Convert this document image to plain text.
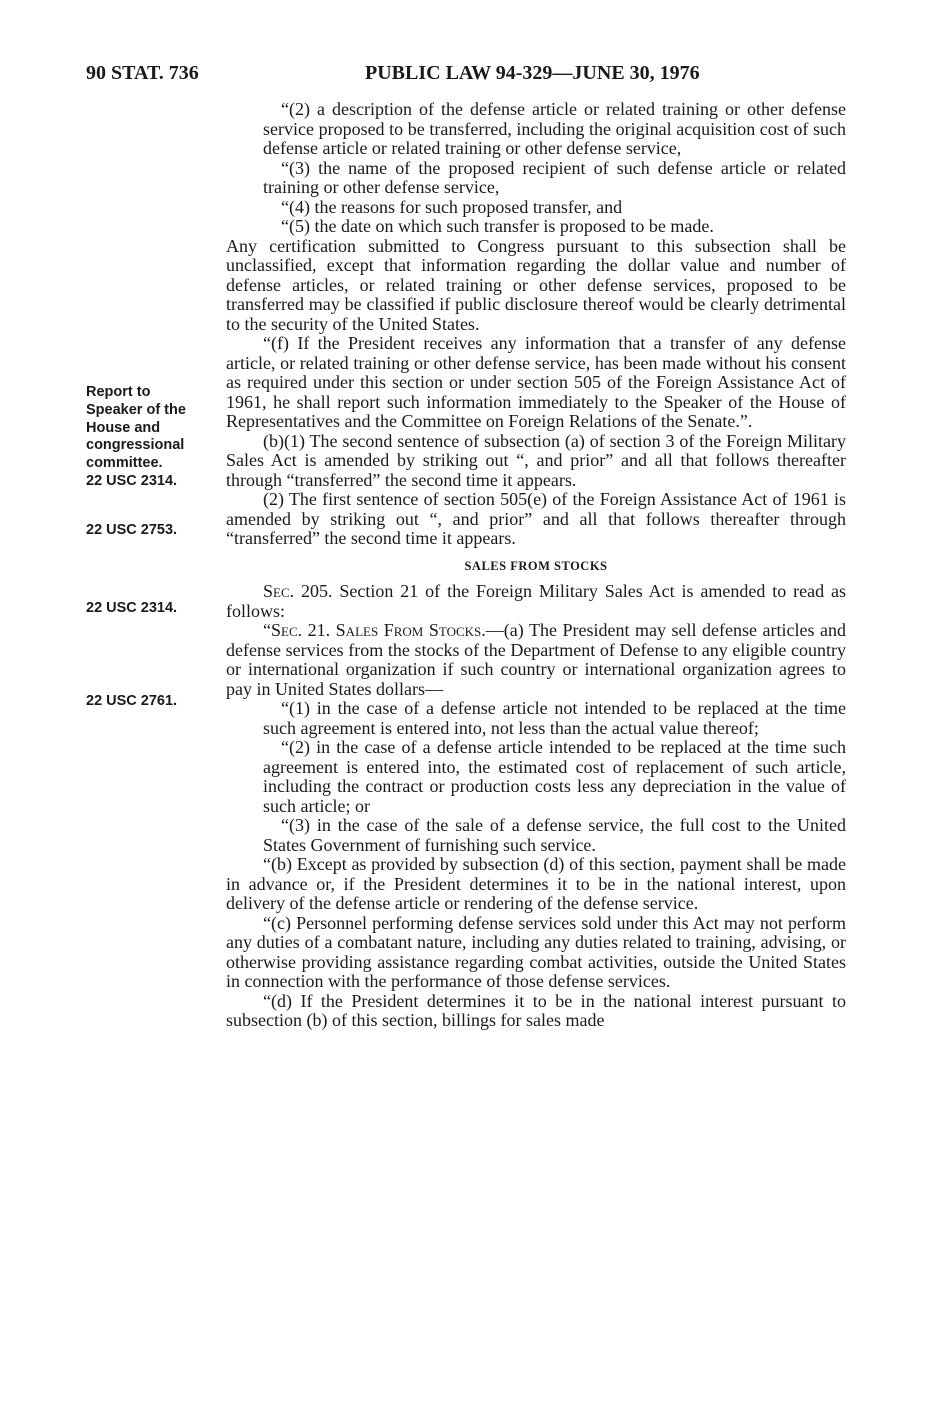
90 STAT. 736	PUBLIC LAW 94-329—JUNE 30, 1976
Report to
Speaker of the
House and
congressional
committee.
22 USC 2314.
22 USC 2753.
22 USC 2314.
22 USC 2761.

“(2) a description of the defense article or related training or other defense service proposed to be transferred, including the original acquisition cost of such defense article or related training or other defense service,

“(3) the name of the proposed recipient of such defense article or related training or other defense service,

“(4) the reasons for such proposed transfer, and

“(5) the date on which such transfer is proposed to be made.

Any certification submitted to Congress pursuant to this subsection shall be unclassified, except that information regarding the dollar value and number of defense articles, or related training or other defense services, proposed to be transferred may be classified if public disclosure thereof would be clearly detrimental to the security of the United States.

“(f) If the President receives any information that a transfer of any defense article, or related training or other defense service, has been made without his consent as required under this section or under section 505 of the Foreign Assistance Act of 1961, he shall report such information immediately to the Speaker of the House of Representatives and the Committee on Foreign Relations of the Senate.”.

(b)(1) The second sentence of subsection (a) of section 3 of the Foreign Military Sales Act is amended by striking out “, and prior” and all that follows thereafter through “transferred” the second time it appears.

(2) The first sentence of section 505(e) of the Foreign Assistance Act of 1961 is amended by striking out “, and prior” and all that follows thereafter through “transferred” the second time it appears.

SALES FROM STOCKS

Sec. 205. Section 21 of the Foreign Military Sales Act is amended to read as follows:

“Sec. 21. Sales From Stocks.—(a) The President may sell defense articles and defense services from the stocks of the Department of Defense to any eligible country or international organization if such country or international organization agrees to pay in United States dollars—

“(1) in the case of a defense article not intended to be replaced at the time such agreement is entered into, not less than the actual value thereof;

“(2) in the case of a defense article intended to be replaced at the time such agreement is entered into, the estimated cost of replacement of such article, including the contract or production costs less any depreciation in the value of such article; or

“(3) in the case of the sale of a defense service, the full cost to the United States Government of furnishing such service.

“(b) Except as provided by subsection (d) of this section, payment shall be made in advance or, if the President determines it to be in the national interest, upon delivery of the defense article or rendering of the defense service.

“(c) Personnel performing defense services sold under this Act may not perform any duties of a combatant nature, including any duties related to training, advising, or otherwise providing assistance regarding combat activities, outside the United States in connection with the performance of those defense services.

“(d) If the President determines it to be in the national interest pursuant to subsection (b) of this section, billings for sales made
